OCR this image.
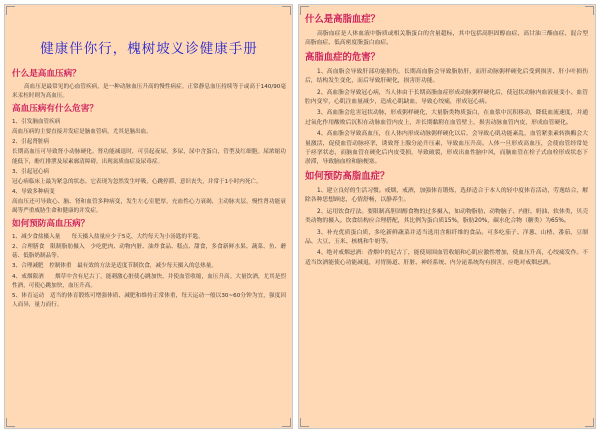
健康伴你行，槐树坡义诊健康手册
什么是高血压病？

高血压是最常见的心血管疾病，是一种动脉血压升高的慢性病症。正常静息血压持续等于或高于140/90毫米汞柱时则为高血压。

高血压病有什么危害？

1、引发脑血管疾病

高血压病的主要直接并发症是脑血管病，尤其是脑出血。

2、引起肾脏病

长期高血压可导致肾小动脉硬化。肾功能减退时，可引起夜尿，多尿，尿中含蛋白，管型及红细胞。尿浓缩功能低下，酚红排泄及尿素廓清障碍。出现氮质血症及尿毒症。

3、引起冠心病

冠心病临床上最为紧急的状态。它表现为忽然发生呼吸，心跳停滞，意识丧失，并常于1小时内死亡。

4、导致多种病变

高血压还可导致心、脑、肾和血管多种病变，发生左心室肥厚，充血性心力衰竭，主动脉夹层，慢性肾功能衰竭等严重威胁生命和健康的并发症。

如何预防高血压病？

1、减少食盐摄入量　　每天摄入盐量应少于5克，大约每天为小汤匙的半匙。

2、合理膳食　限制脂肪摄入　少吃肥肉、动物内脏、油炸食品、糕点、甜食，多食新鲜水果、蔬菜、鱼、蘑菇、低脂奶制品等。

3、合理减肥　控制体重　最有效的方法是适度节制饮食，减少每天摄入的总热量。

4、戒烟限酒　　烟草中含有尼古丁，能刺激心脏使心跳加快，并使血管收缩，血压升高。大量饮酒，尤其是烈性酒，可使心跳加快，血压升高。

5、体育运动　适当的体育锻炼可增强体质、减肥和维持正常体重，每天运动一般以30~60分钟为宜，强度因人而异，量力而行。

什么是高脂血症？

高脂血症是人体血液中脂质或相关脂蛋白的含量超标，其中包括高胆固醇血症、高甘油三酯血症、混合型高脂血症、低高密度脂蛋白血症。

高脂血症的危害？

1、高血脂会导致肝部功能损伤，长期高血脂会导致脂肪肝，而肝动脉粥样硬化后受到损害、肝小叶损伤后，结构发生变化，而后导致肝硬化，损害肝功能。

2、高血脂会导致冠心病，当人体由于长期高脂血症形成动脉粥样硬化后，使冠状动脉内血液量变小、血管腔内变窄，心肌注血量减少，造成心肌缺血，导致心绞痛，形成冠心病。

3、高血脂会危害冠状动脉，形成粥样硬化，大量脂类物质蛋白，在血浆中沉积移动，降低血流速度，并通过氧化作用酸败后沉积在动脉血管内皮上，并长期黏附在血管壁上，损害动脉血管内皮，形成血管硬化。

4、高血脂会导致高血压，在人体内形成动脉粥样硬化以后，会导致心肌功能紊乱，血管紧张素转换酶会大量激活，促使血管动脉痉挛，诱致肾上腺分泌升压素，导致血压升高。人体一旦形成高血压，会使血管经常处于痉挛状态，而脑血管在硬化后内皮受损，导致破裂，形成出血性脑中风，而脑血管在栓子式血栓形成状态下淤滞，导致脑血栓和脑梗塞。

如何预防高脂血症？

1、建立良好的生活习惯。戒烟，戒酒，加强体育锻炼，选择适合于本人的轻中度体育活动，劳逸结合，解除各种思想顾虑，心情舒畅，以静养生。

2、运用饮食疗法。要限制高胆固醇食物的过多摄入，如动物脂肪、动物脑子、内脏、奶油、软体类，贝壳类动物的摄入。饮食结构应合理搭配，其比例为蛋白质15%，脂肪20%，碳水化合物（糖类）为65%。

3、补充优质蛋白质，多吃新鲜蔬菜并适当选用含粗纤维的食品。可多吃茄子、洋葱、山楂、番茄、豆制品、大豆、玉米、核桃和牛奶等。

4、绝对戒烟忌酒：香烟中的尼古丁，能使周围血管收缩和心肌应激性增加，使血压升高，心绞痛发作。不适当饮酒能使心功能减退，对胃肠道、肝脏、神经系统、内分泌系统均有损害，应绝对戒烟忌酒。
